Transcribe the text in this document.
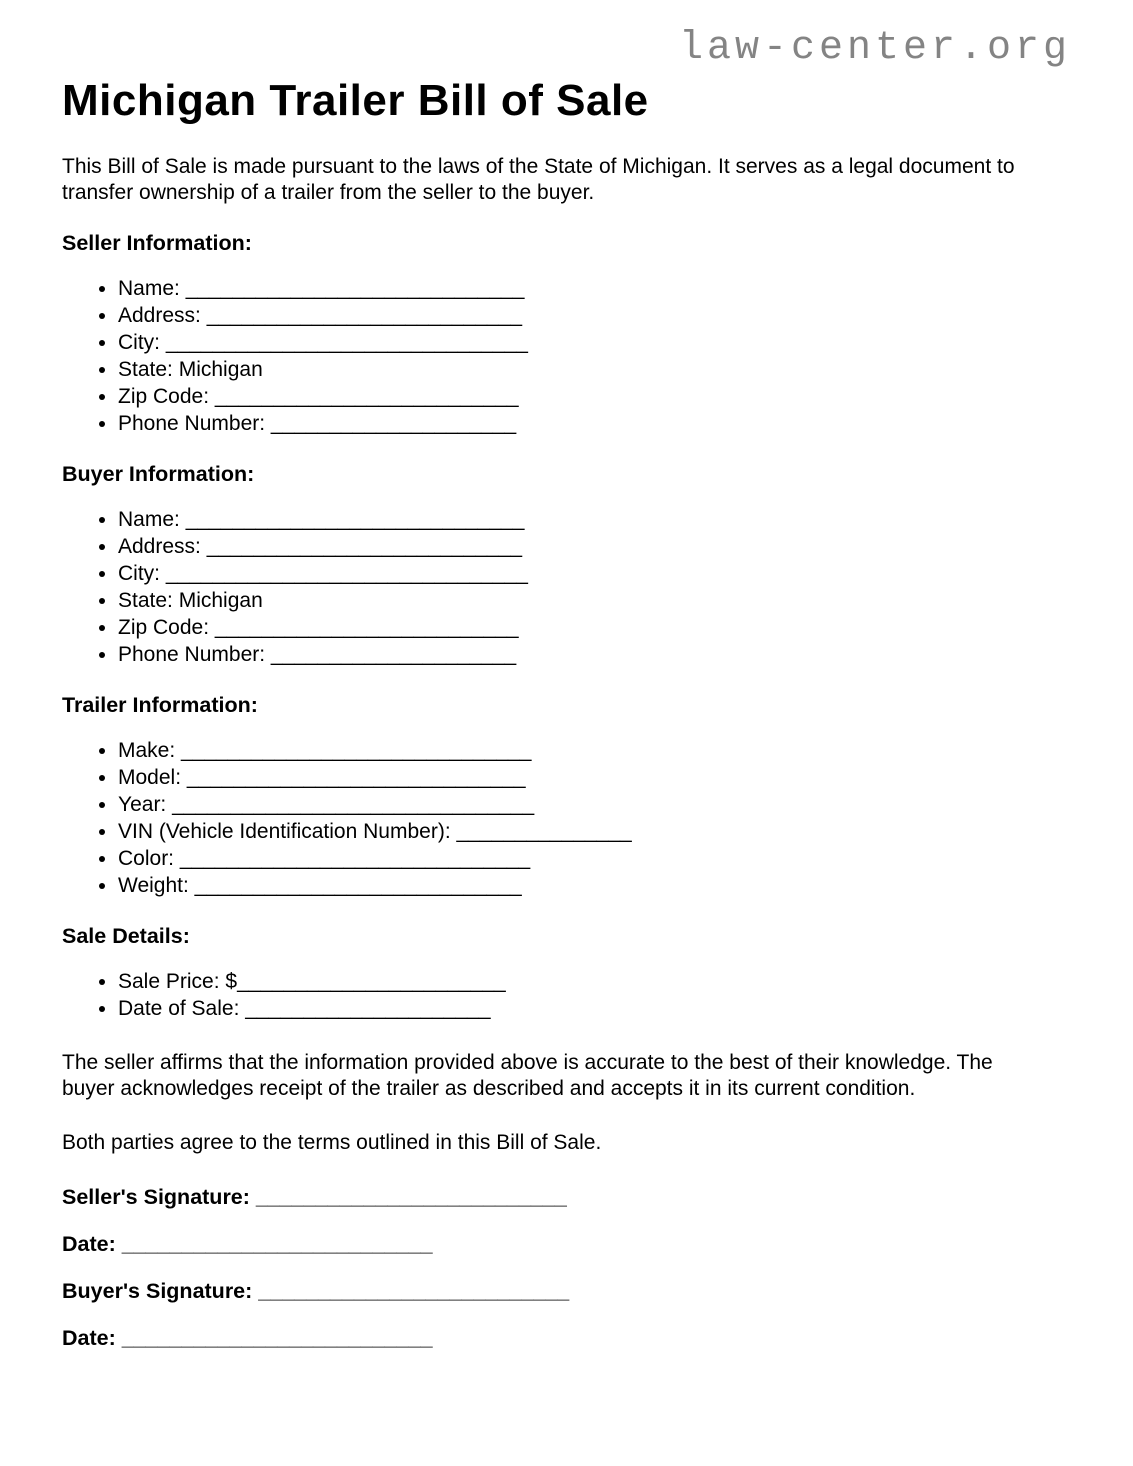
law-center.org
Michigan Trailer Bill of Sale

This Bill of Sale is made pursuant to the laws of the State of Michigan. It serves as a legal document to transfer ownership of a trailer from the seller to the buyer.

Seller Information:
• Name: _____________________________
• Address: ___________________________
• City: _______________________________
• State: Michigan
• Zip Code: __________________________
• Phone Number: _____________________
Buyer Information:
• Name: _____________________________
• Address: ___________________________
• City: _______________________________
• State: Michigan
• Zip Code: __________________________
• Phone Number: _____________________
Trailer Information:
• Make: ______________________________
• Model: _____________________________
• Year: _______________________________
• VIN (Vehicle Identification Number): _______________
• Color: ______________________________
• Weight: ____________________________
Sale Details:
• Sale Price: $_______________________
• Date of Sale: _____________________

The seller affirms that the information provided above is accurate to the best of their knowledge. The buyer acknowledges receipt of the trailer as described and accepts it in its current condition.

Both parties agree to the terms outlined in this Bill of Sale.

Seller's Signature: __________________________

Date: __________________________

Buyer's Signature: __________________________

Date: __________________________
